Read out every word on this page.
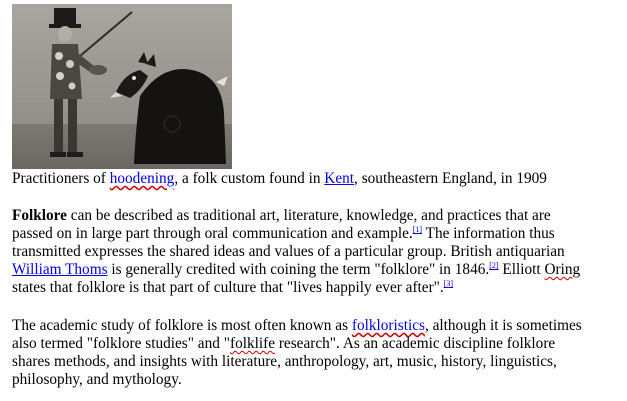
Practitioners of hoodening, a folk custom found in Kent, southeastern England, in 1909
Folklore can be described as traditional art, literature, knowledge, and practices that are
passed on in large part through oral communication and example.[1] The information thus
transmitted expresses the shared ideas and values of a particular group. British antiquarian
William Thoms is generally credited with coining the term "folklore" in 1846.[2] Elliott Oring
states that folklore is that part of culture that "lives happily ever after".[3]
The academic study of folklore is most often known as folkloristics, although it is sometimes
also termed "folklore studies" and "folklife research". As an academic discipline folklore
shares methods, and insights with literature, anthropology, art, music, history, linguistics,
philosophy, and mythology.
